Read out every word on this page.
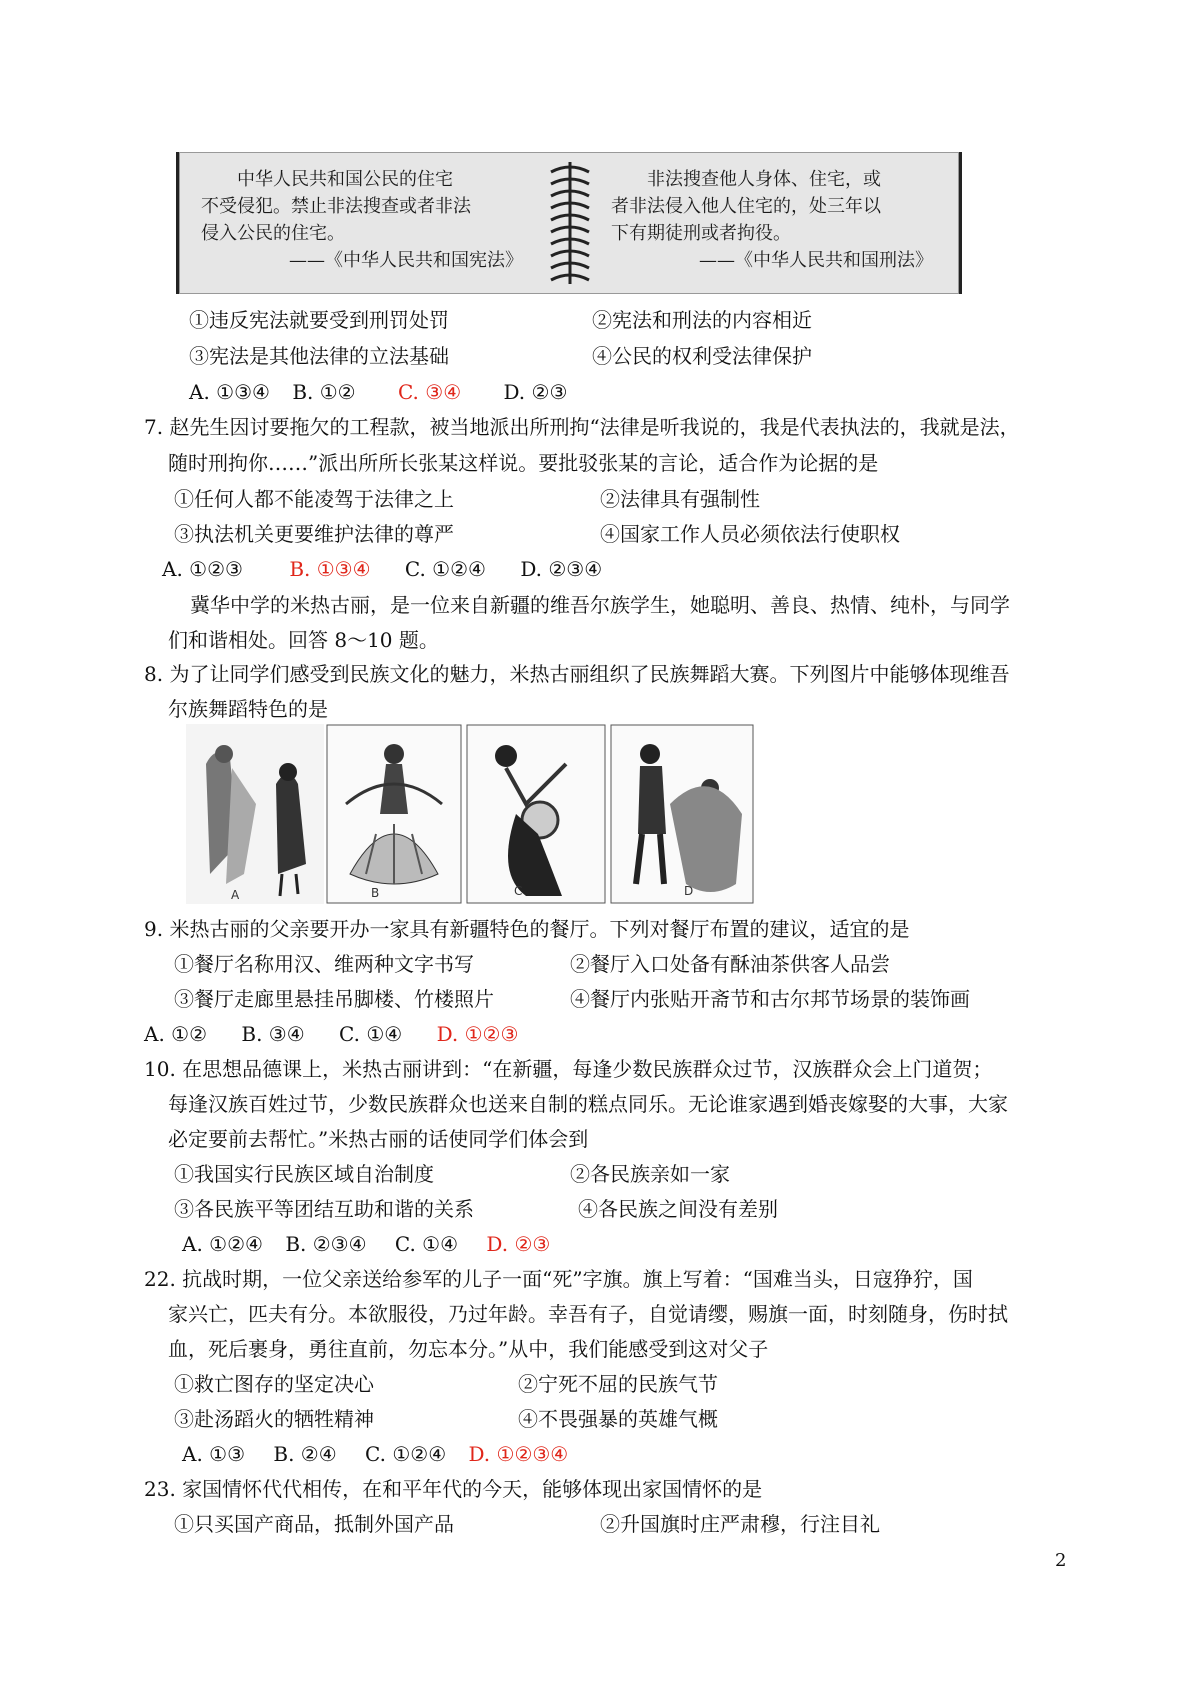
中华人民共和国公民的住宅
不受侵犯。禁止非法搜查或者非法
侵入公民的住宅。
——《中华人民共和国宪法》
非法搜查他人身体、住宅，或
者非法侵入他人住宅的，处三年以
下有期徒刑或者拘役。
——《中华人民共和国刑法》
①违反宪法就要受到刑罚处罚	②宪法和刑法的内容相近
③宪法是其他法律的立法基础	④公民的权利受法律保护
A. ①③④ B. ①② C. ③④ D. ②③
7. 赵先生因讨要拖欠的工程款，被当地派出所刑拘“法律是听我说的，我是代表执法的，我就是法，
随时刑拘你……”派出所所长张某这样说。要批驳张某的言论，适合作为论据的是
①任何人都不能凌驾于法律之上	②法律具有强制性
③执法机关更要维护法律的尊严	④国家工作人员必须依法行使职权
A. ①②③ B. ①③④ C. ①②④ D. ②③④
冀华中学的米热古丽，是一位来自新疆的维吾尔族学生，她聪明、善良、热情、纯朴，与同学
们和谐相处。回答 8～10 题。
8. 为了让同学们感受到民族文化的魅力，米热古丽组织了民族舞蹈大赛。下列图片中能够体现维吾
尔族舞蹈特色的是
A	B	C	D
9. 米热古丽的父亲要开办一家具有新疆特色的餐厅。下列对餐厅布置的建议，适宜的是
①餐厅名称用汉、维两种文字书写	②餐厅入口处备有酥油茶供客人品尝
③餐厅走廊里悬挂吊脚楼、竹楼照片	④餐厅内张贴开斋节和古尔邦节场景的装饰画
A. ①② B. ③④ C. ①④ D. ①②③
10. 在思想品德课上，米热古丽讲到：“在新疆，每逢少数民族群众过节，汉族群众会上门道贺；
每逢汉族百姓过节，少数民族群众也送来自制的糕点同乐。无论谁家遇到婚丧嫁娶的大事，大家
必定要前去帮忙。”米热古丽的话使同学们体会到
①我国实行民族区域自治制度	②各民族亲如一家
③各民族平等团结互助和谐的关系	④各民族之间没有差别
A. ①②④ B. ②③④ C. ①④ D. ②③
22. 抗战时期，一位父亲送给参军的儿子一面“死”字旗。旗上写着：“国难当头，日寇狰狞，国
家兴亡，匹夫有分。本欲服役，乃过年龄。幸吾有子，自觉请缨，赐旗一面，时刻随身，伤时拭
血，死后裹身，勇往直前，勿忘本分。”从中，我们能感受到这对父子
①救亡图存的坚定决心	②宁死不屈的民族气节
③赴汤蹈火的牺牲精神	④不畏强暴的英雄气概
A. ①③ B. ②④ C. ①②④ D. ①②③④
23. 家国情怀代代相传，在和平年代的今天，能够体现出家国情怀的是
①只买国产商品，抵制外国产品	②升国旗时庄严肃穆，行注目礼
2
